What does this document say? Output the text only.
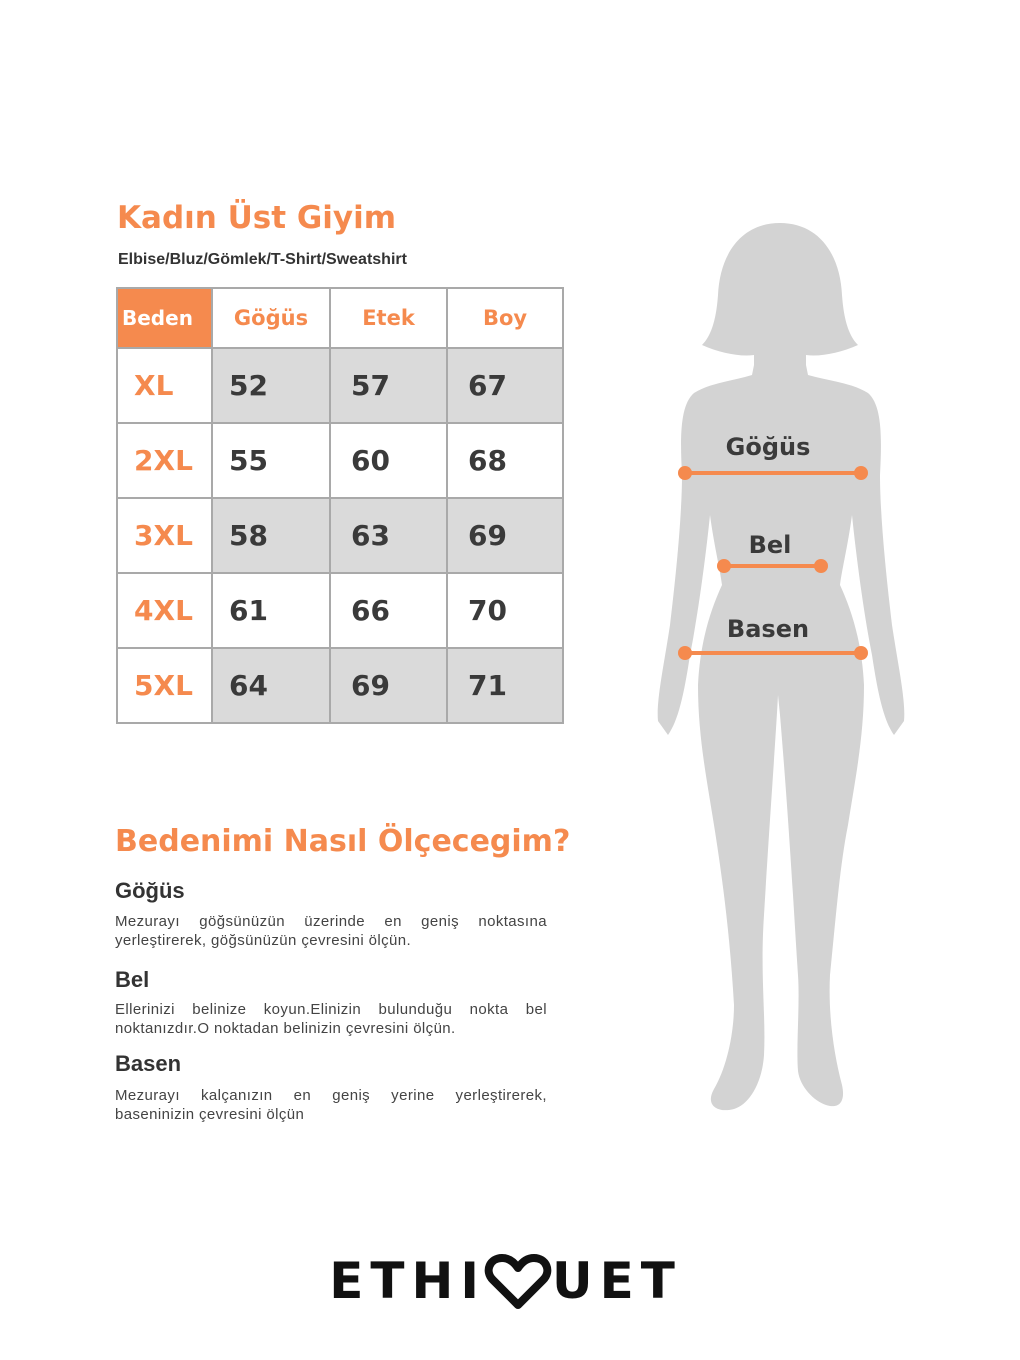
Kadın Üst Giyim

Elbise/Bluz/Gömlek/T-Shirt/Sweatshirt

Beden	Göğüs	Etek	Boy
XL	52	57	67
2XL	55	60	68
3XL	58	63	69
4XL	61	66	70
5XL	64	69	71
Bedenimi Nasıl Ölçecegim?
Göğüs

Mezurayı göğsünüzün üzerinde en geniş noktasına yerleştirerek, göğsünüzün çevresini ölçün.

Bel

Ellerinizi belinize koyun.Elinizin bulunduğu nokta bel noktanızdır.O noktadan belinizin çevresini ölçün.

Basen

Mezurayı kalçanızın en geniş yerine yerleştirerek, baseninizin çevresini ölçün

Göğüs
Bel
Basen
ETHI UET
